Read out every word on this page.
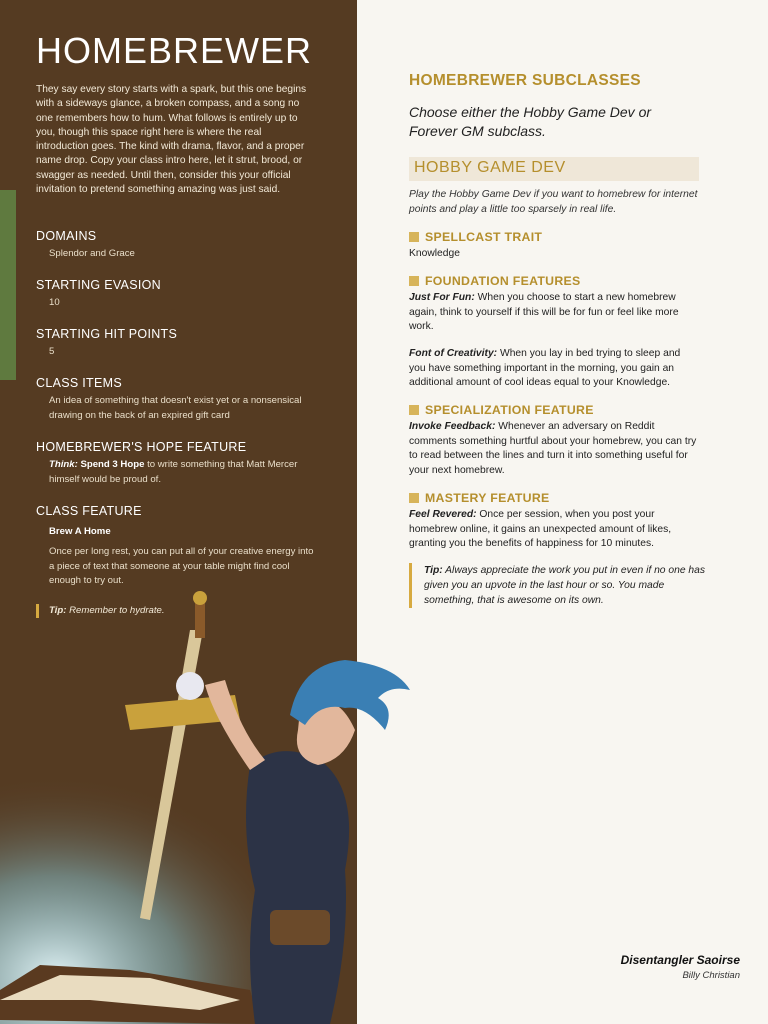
HOMEBREWER

They say every story starts with a spark, but this one begins with a sideways glance, a broken compass, and a song no one remembers how to hum. What follows is entirely up to you, though this space right here is where the real introduction goes. The kind with drama, flavor, and a proper name drop. Copy your class intro here, let it strut, brood, or swagger as needed. Until then, consider this your official invitation to pretend something amazing was just said.

DOMAINS

Splendor and Grace

STARTING EVASION

10

STARTING HIT POINTS

5

CLASS ITEMS

An idea of something that doesn't exist yet or a nonsensical drawing on the back of an expired gift card

HOMEBREWER'S HOPE FEATURE

Think: Spend 3 Hope to write something that Matt Mercer himself would be proud of.

CLASS FEATURE

Brew A Home

Once per long rest, you can put all of your creative energy into a piece of text that someone at your table might find cool enough to try out.

Tip: Remember to hydrate.
HOMEBREWER SUBCLASSES

Choose either the Hobby Game Dev or Forever GM subclass.

HOBBY GAME DEV

Play the Hobby Game Dev if you want to homebrew for internet points and play a little too sparsely in real life.

SPELLCAST TRAIT

Knowledge

FOUNDATION FEATURES

Just For Fun: When you choose to start a new homebrew again, think to yourself if this will be for fun or feel like more work.

Font of Creativity: When you lay in bed trying to sleep and you have something important in the morning, you gain an additional amount of cool ideas equal to your Knowledge.

SPECIALIZATION FEATURE

Invoke Feedback: Whenever an adversary on Reddit comments something hurtful about your homebrew, you can try to read between the lines and turn it into something useful for your next homebrew.

MASTERY FEATURE

Feel Revered: Once per session, when you post your homebrew online, it gains an unexpected amount of likes, granting you the benefits of happiness for 10 minutes.

Tip: Always appreciate the work you put in even if no one has given you an upvote in the last hour or so. You made something, that is awesome on its own.
Disentangler Saoirse
Billy Christian
